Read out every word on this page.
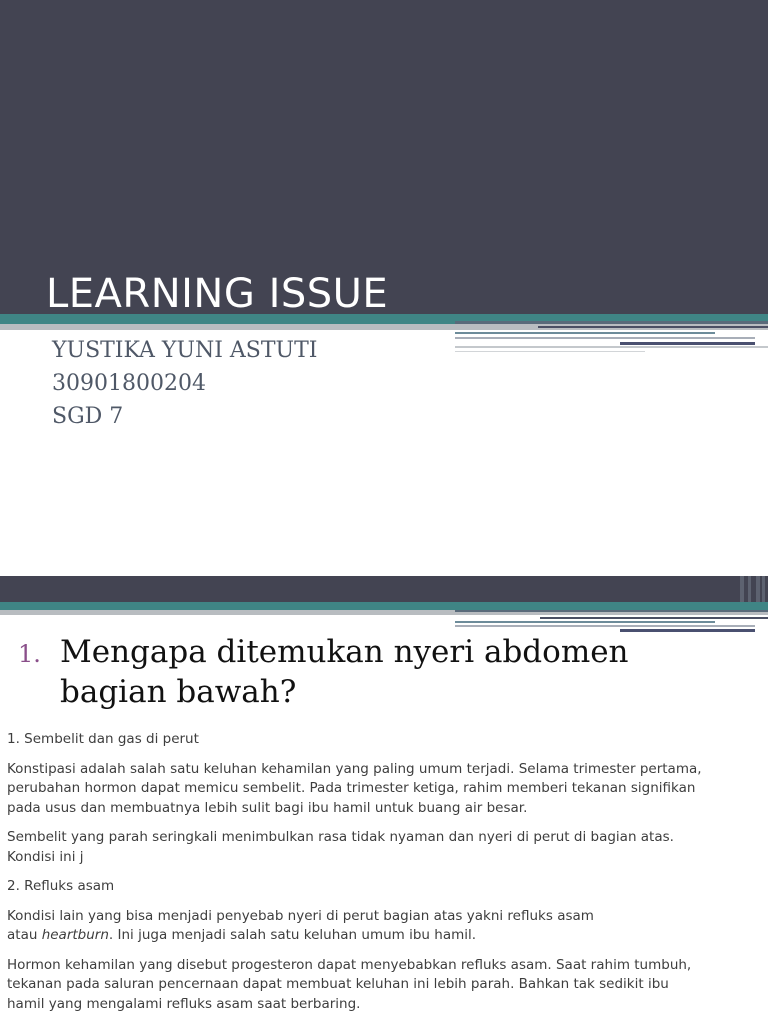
LEARNING ISSUE
YUSTIKA YUNI ASTUTI
30901800204
SGD 7
1. Mengapa ditemukan nyeri abdomen
bagian bawah?

1. Sembelit dan gas di perut

Konstipasi adalah salah satu keluhan kehamilan yang paling umum terjadi. Selama trimester pertama,
perubahan hormon dapat memicu sembelit. Pada trimester ketiga, rahim memberi tekanan signifikan
pada usus dan membuatnya lebih sulit bagi ibu hamil untuk buang air besar.

Sembelit yang parah seringkali menimbulkan rasa tidak nyaman dan nyeri di perut di bagian atas.
Kondisi ini j

2. Refluks asam

Kondisi lain yang bisa menjadi penyebab nyeri di perut bagian atas yakni refluks asam
atau heartburn. Ini juga menjadi salah satu keluhan umum ibu hamil.

Hormon kehamilan yang disebut progesteron dapat menyebabkan refluks asam. Saat rahim tumbuh,
tekanan pada saluran pencernaan dapat membuat keluhan ini lebih parah. Bahkan tak sedikit ibu
hamil yang mengalami refluks asam saat berbaring.
